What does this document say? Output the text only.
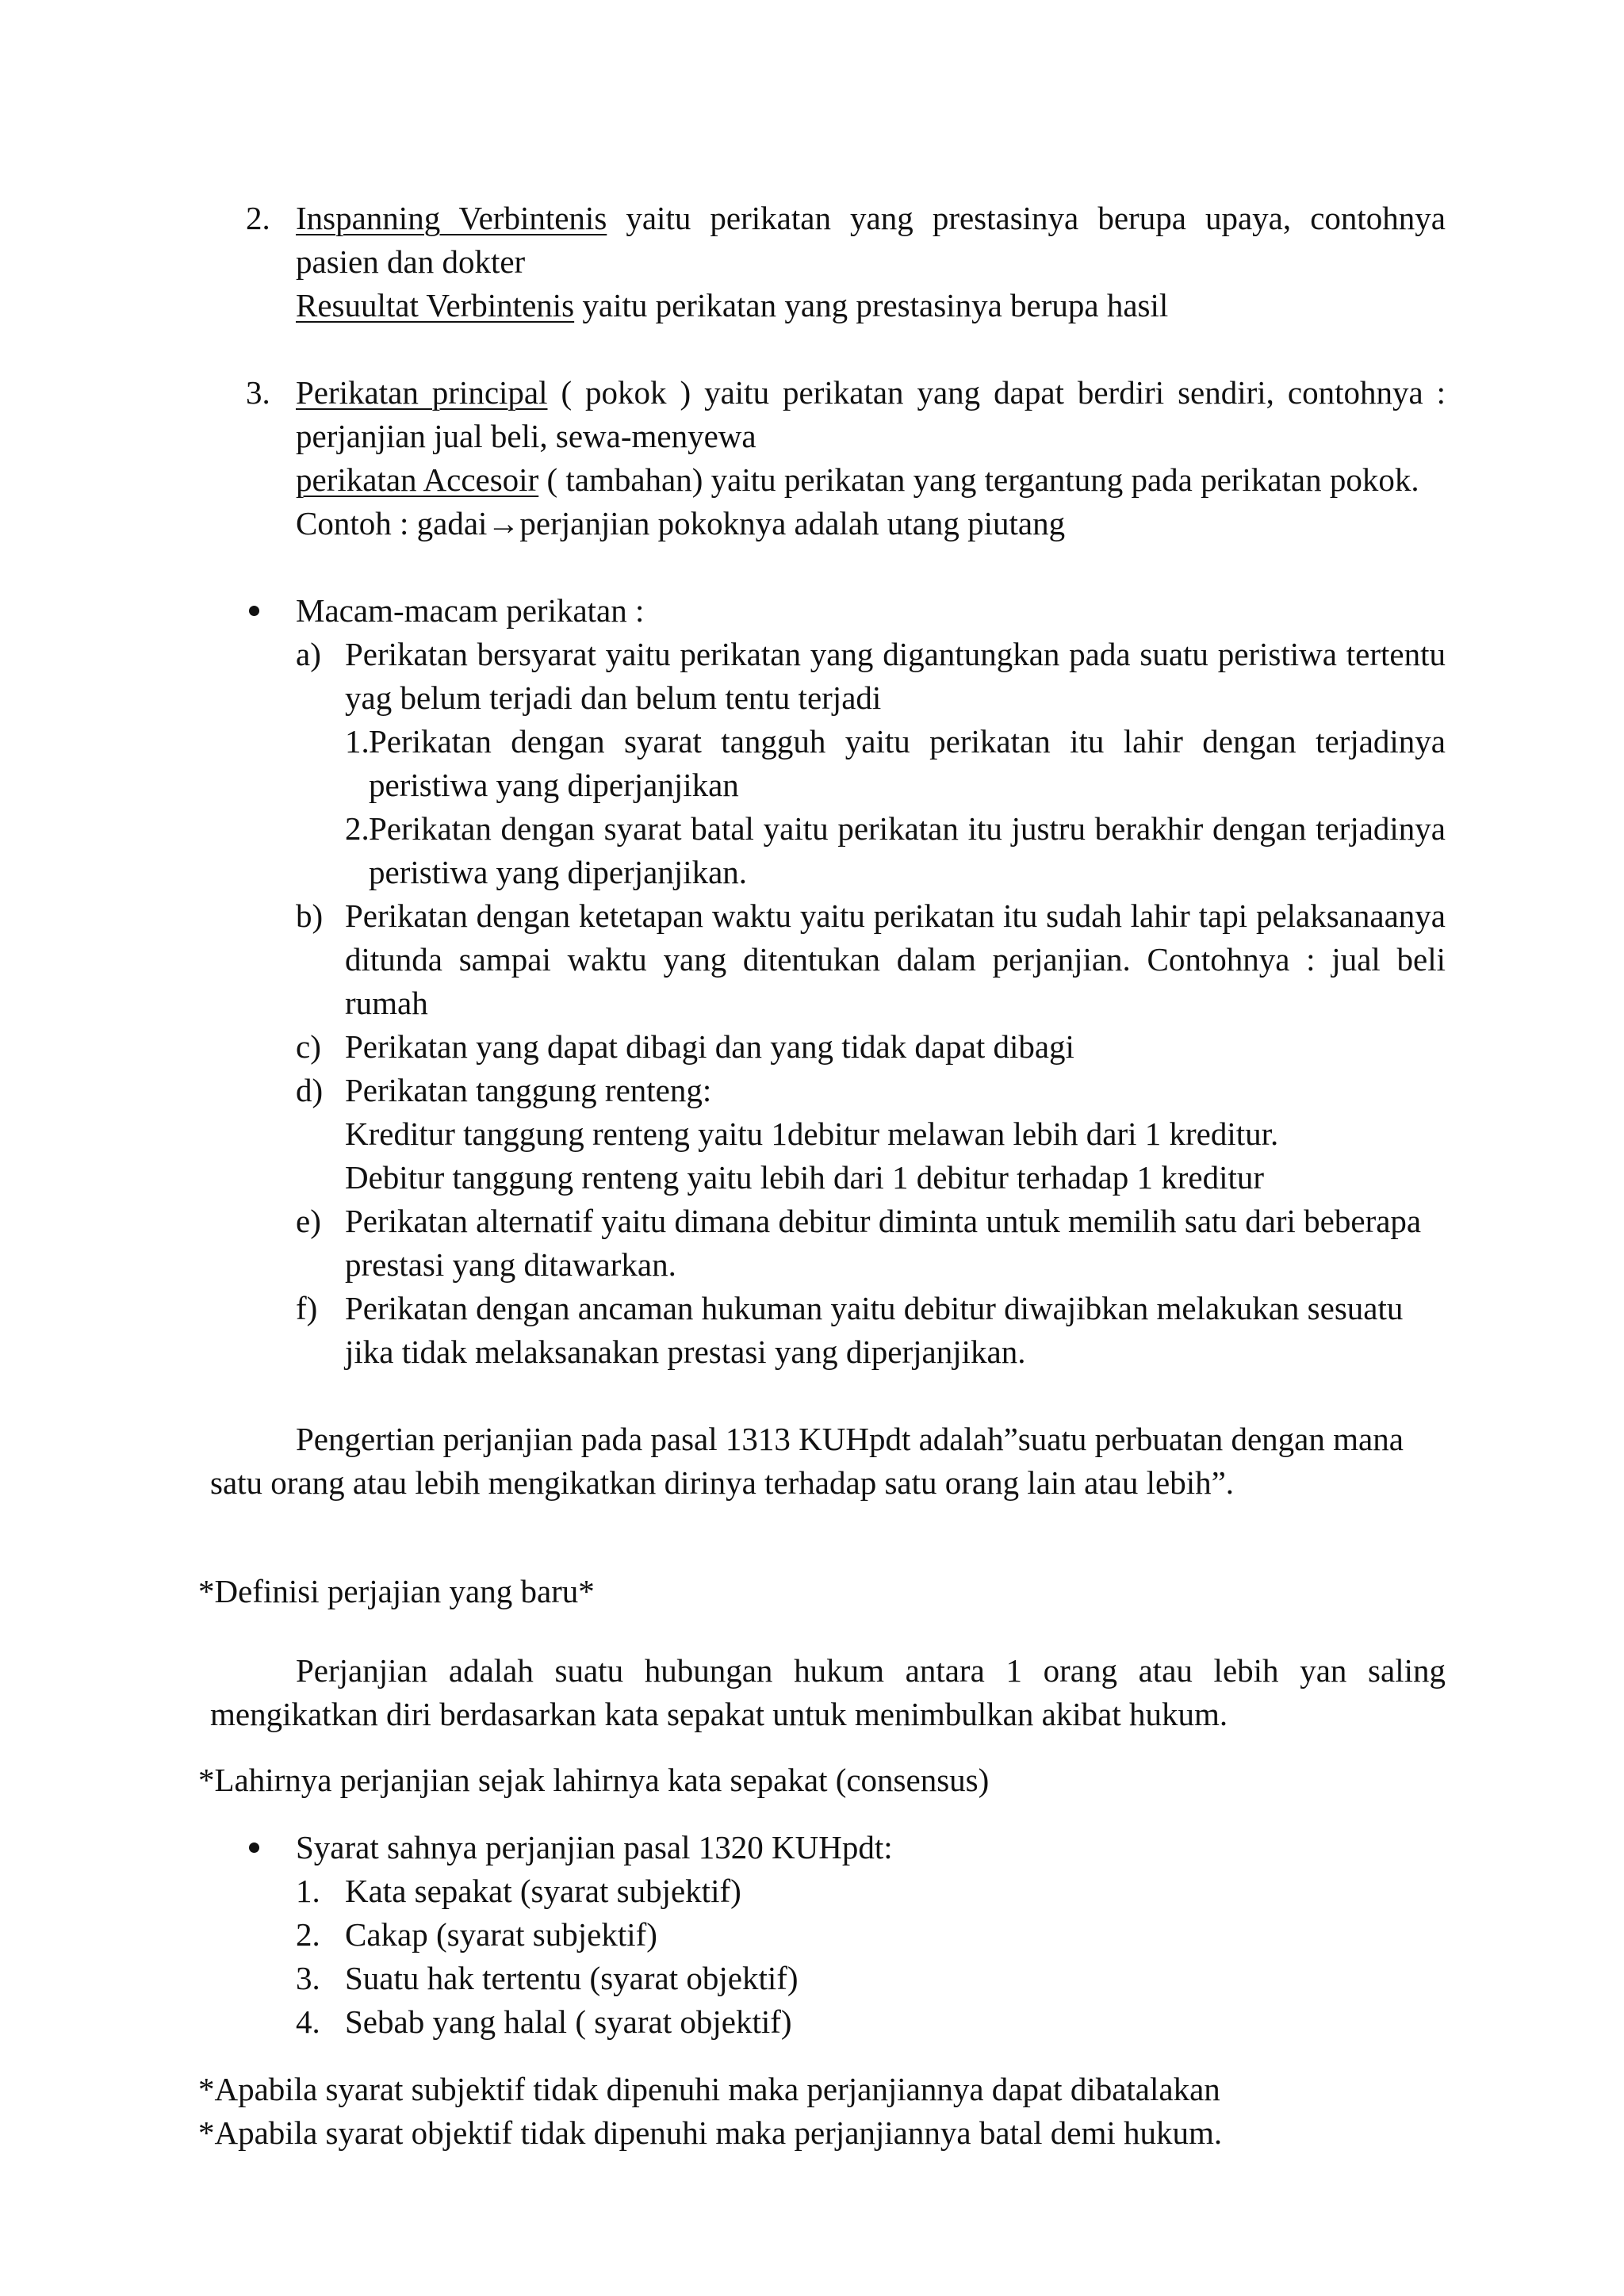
2. Inspanning Verbintenis yaitu perikatan yang prestasinya berupa upaya, contohnya pasien dan dokter
Resuultat Verbintenis yaitu perikatan yang prestasinya berupa hasil
3. Perikatan principal ( pokok ) yaitu perikatan yang dapat berdiri sendiri, contohnya : perjanjian jual beli, sewa-menyewa
perikatan Accesoir ( tambahan) yaitu perikatan yang tergantung pada perikatan pokok.
Contoh : gadai→perjanjian pokoknya adalah utang piutang
Macam-macam perikatan :
a) Perikatan bersyarat yaitu perikatan yang digantungkan pada suatu peristiwa tertentu yag belum terjadi dan belum tentu terjadi
1. Perikatan dengan syarat tangguh yaitu perikatan itu lahir dengan terjadinya peristiwa yang diperjanjikan
2. Perikatan dengan syarat batal yaitu perikatan itu justru berakhir dengan terjadinya peristiwa yang diperjanjikan.
b) Perikatan dengan ketetapan waktu yaitu perikatan itu sudah lahir tapi pelaksanaanya ditunda sampai waktu yang ditentukan dalam perjanjian. Contohnya : jual beli rumah
c) Perikatan yang dapat dibagi dan yang tidak dapat dibagi
d) Perikatan tanggung renteng:
Kreditur tanggung renteng yaitu 1debitur melawan lebih dari 1 kreditur.
Debitur tanggung renteng yaitu lebih dari 1 debitur terhadap 1 kreditur
e) Perikatan alternatif yaitu dimana debitur diminta untuk memilih satu dari beberapa prestasi yang ditawarkan.
f) Perikatan dengan ancaman hukuman yaitu debitur diwajibkan melakukan sesuatu jika tidak melaksanakan prestasi yang diperjanjikan.
Pengertian perjanjian pada pasal 1313 KUHpdt adalah”suatu perbuatan dengan mana
satu orang atau lebih mengikatkan dirinya terhadap satu orang lain atau lebih”.
*Definisi perjajian yang baru*
Perjanjian adalah suatu hubungan hukum antara 1 orang atau lebih yan saling
mengikatkan diri berdasarkan kata sepakat untuk menimbulkan akibat hukum.
*Lahirnya perjanjian sejak lahirnya kata sepakat (consensus)
Syarat sahnya perjanjian pasal 1320 KUHpdt:
1. Kata sepakat (syarat subjektif)
2. Cakap (syarat subjektif)
3. Suatu hak tertentu (syarat objektif)
4. Sebab yang halal ( syarat objektif)
*Apabila syarat subjektif tidak dipenuhi maka perjanjiannya dapat dibatalakan
*Apabila syarat objektif tidak dipenuhi maka perjanjiannya batal demi hukum.
